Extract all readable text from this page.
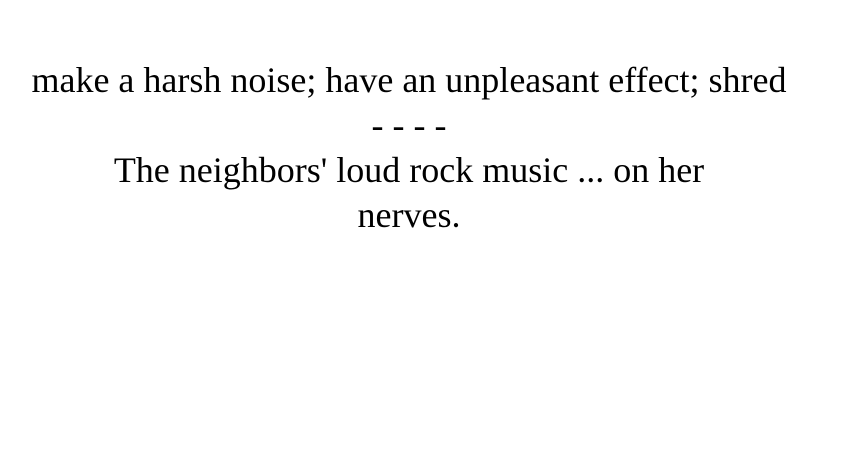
make a harsh noise; have an unpleasant effect; shred
- - - -
The neighbors' loud rock music ... on her nerves.
